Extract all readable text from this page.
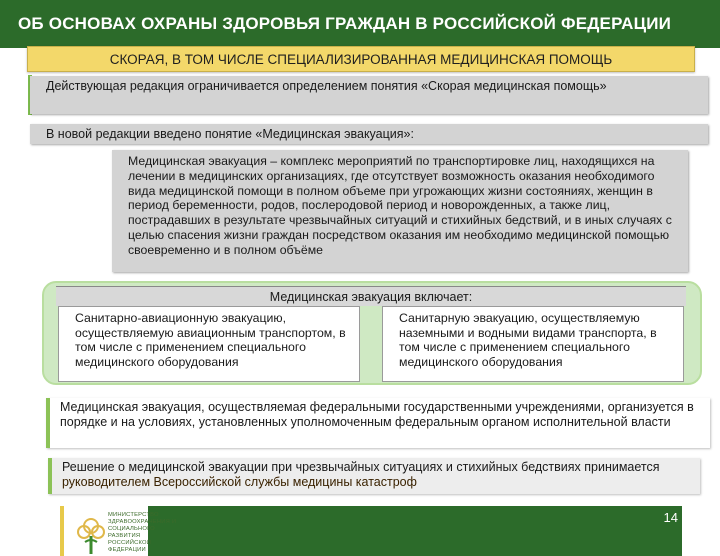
ОБ ОСНОВАХ ОХРАНЫ ЗДОРОВЬЯ ГРАЖДАН В РОССИЙСКОЙ ФЕДЕРАЦИИ
СКОРАЯ, В ТОМ ЧИСЛЕ СПЕЦИАЛИЗИРОВАННАЯ МЕДИЦИНСКАЯ ПОМОЩЬ
Действующая редакция ограничивается определением понятия «Скорая медицинская помощь»
В новой редакции введено понятие «Медицинская эвакуация»:
Медицинская эвакуация – комплекс мероприятий по транспортировке лиц, находящихся на лечении в медицинских организациях, где отсутствует возможность оказания необходимого вида медицинской помощи в полном объеме при угрожающих жизни состояниях, женщин в период беременности, родов, послеродовой период и новорожденных, а также лиц, пострадавших в результате чрезвычайных ситуаций и стихийных бедствий, и в иных случаях с целью спасения жизни граждан посредством оказания им необходимо медицинской помощью своевременно и в полном объёме
Медицинская эвакуация включает:
Санитарно-авиационную эвакуацию, осуществляемую авиационным транспортом, в том числе с применением специального медицинского оборудования
Санитарную эвакуацию, осуществляемую наземными и водными видами транспорта, в том числе с применением специального медицинского оборудования
Медицинская эвакуация, осуществляемая федеральными государственными учреждениями, организуется в порядке и на условиях, установленных уполномоченным федеральным органом исполнительной власти
Решение о медицинской эвакуации при чрезвычайных ситуациях и стихийных бедствиях принимается руководителем Всероссийской службы медицины катастроф
МИНИСТЕРСТВО ЗДРАВООХРАНЕНИЯ И СОЦИАЛЬНОГО РАЗВИТИЯ РОССИЙСКОЙ ФЕДЕРАЦИИ
14
